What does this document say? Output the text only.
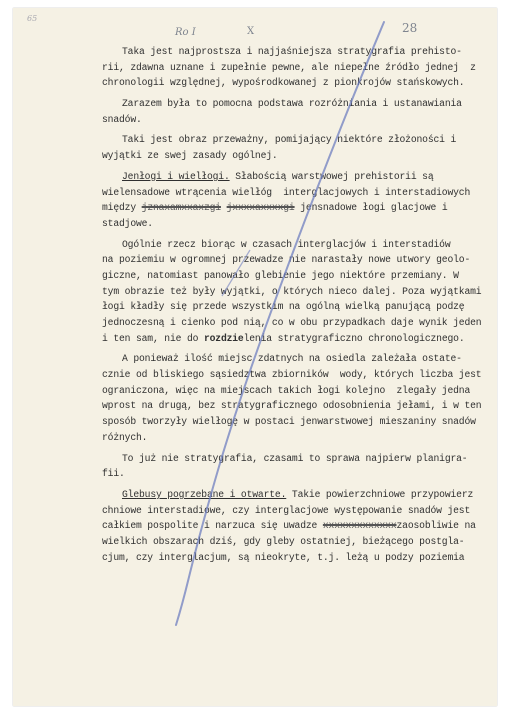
65
Ro I	X	28
Taka jest najprostsza i najjaśniejsza stratygrafia prehisto-
rii, zdawna uznane i zupełnie pewne, ale niepełne źródło jednej  z
chronologii względnej, wypośrodkowanej z pionkrojów stańskowych.
Zarazem była to pomocna podstawa rozróżniania i ustanawiania
snadów.
Taki jest obraz przeważny, pomijający niektóre złożoności i
wyjątki ze swej zasady ogólnej.
Jenłogi i wielłogi. Słabością warstwowej prehistorii są
wielensadowe wtrącenia wielłóg  interglacjowych i interstadiowych
między jznaxamxxaxzgi jxxxxaxxxxgi jensnadowe łogi glacjowe i
stadjowe.
Ogólnie rzecz biorąc w czasach interglacjów i interstadiów
na poziemiu w ogromnej przewadze nie narastały nowe utwory geolo-
giczne, natomiast panowało glebienie jego niektóre przemiany. W
tym obrazie też były wyjątki, o których nieco dalej. Poza wyjątkami
łogi kładły się przede wszystkim na ogólną wielką panującą podzę
jednoczesną i cienko pod nią, co w obu przypadkach daje wynik jeden
i ten sam, nie do rozdzielenia stratygraficzno chronologicznego.
A ponieważ ilość miejsc zdatnych na osiedla zależała ostate-
cznie od bliskiego sąsiedztwa zbiorników  wody, których liczba jest
ograniczona, więc na miejscach takich łogi kolejno  zlegały jedna
wprost na drugą, bez stratygraficznego odosobnienia jełami, i w ten
sposób tworzyły wielłogę w postaci jenwarstwowej mieszaniny snadów
różnych.
To już nie stratygrafia, czasami to sprawa najpierw planigra-
fii.
Glebusy pogrzebane i otwarte. Takie powierzchniowe przypowierz
chniowe interstadiowe, czy interglacjowe występowanie snadów jest
całkiem pospolite i narzuca się uwadze xxxxxxxxxxxxxzaosobliwie na
wielkich obszarach dziś, gdy gleby ostatniej, bieżącego postgla-
cjum, czy interglacjum, są nieokryte, t.j. leżą u podzy poziemia
